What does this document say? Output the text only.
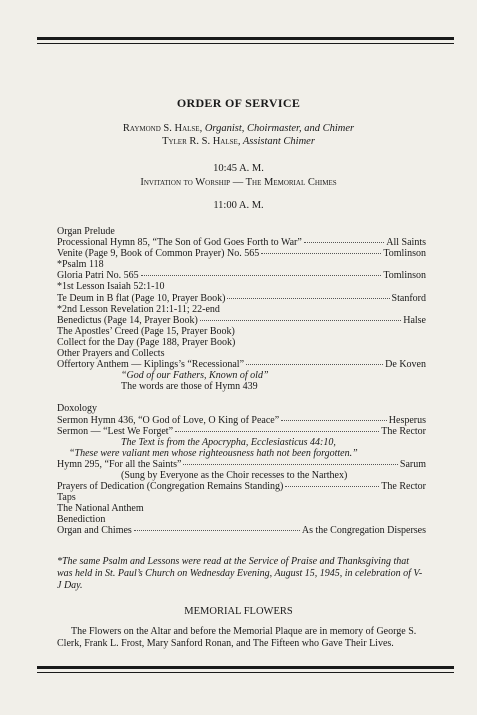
ORDER OF SERVICE
Raymond S. Halse, Organist, Choirmaster, and Chimer
Tyler R. S. Halse, Assistant Chimer
10:45 A. M.
Invitation to Worship — The Memorial Chimes
11:00 A. M.
Organ Prelude
Processional Hymn 85, “The Son of God Goes Forth to War”	All Saints
Venite (Page 9, Book of Common Prayer) No. 565	Tomlinson
*Psalm 118
Gloria Patri No. 565	Tomlinson
*1st Lesson Isaiah 52:1-10
Te Deum in B flat (Page 10, Prayer Book)	Stanford
*2nd Lesson Revelation 21:1-11; 22-end
Benedictus (Page 14, Prayer Book)	Halse
The Apostles’ Creed (Page 15, Prayer Book)
Collect for the Day (Page 188, Prayer Book)
Other Prayers and Collects
Offertory Anthem — Kiplings’s “Recessional”	De Koven
“God of our Fathers, Known of old”
The words are those of Hymn 439
Doxology
Sermon Hymn 436, “O God of Love, O King of Peace”	Hesperus
Sermon — “Lest We Forget”	The Rector
The Text is from the Apocrypha, Ecclesiasticus 44:10,
“These were valiant men whose righteousness hath not been forgotten.”
Hymn 295, “For all the Saints”	Sarum
(Sung by Everyone as the Choir recesses to the Narthex)
Prayers of Dedication (Congregation Remains Standing)	The Rector
Taps
The National Anthem
Benediction
Organ and Chimes	As the Congregation Disperses
*The same Psalm and Lessons were read at the Service of Praise and Thanksgiving that was held in St. Paul’s Church on Wednesday Evening, August 15, 1945, in celebration of V-J Day.
MEMORIAL FLOWERS
The Flowers on the Altar and before the Memorial Plaque are in memory of George S. Clerk, Frank L. Frost, Mary Sanford Ronan, and The Fifteen who Gave Their Lives.
